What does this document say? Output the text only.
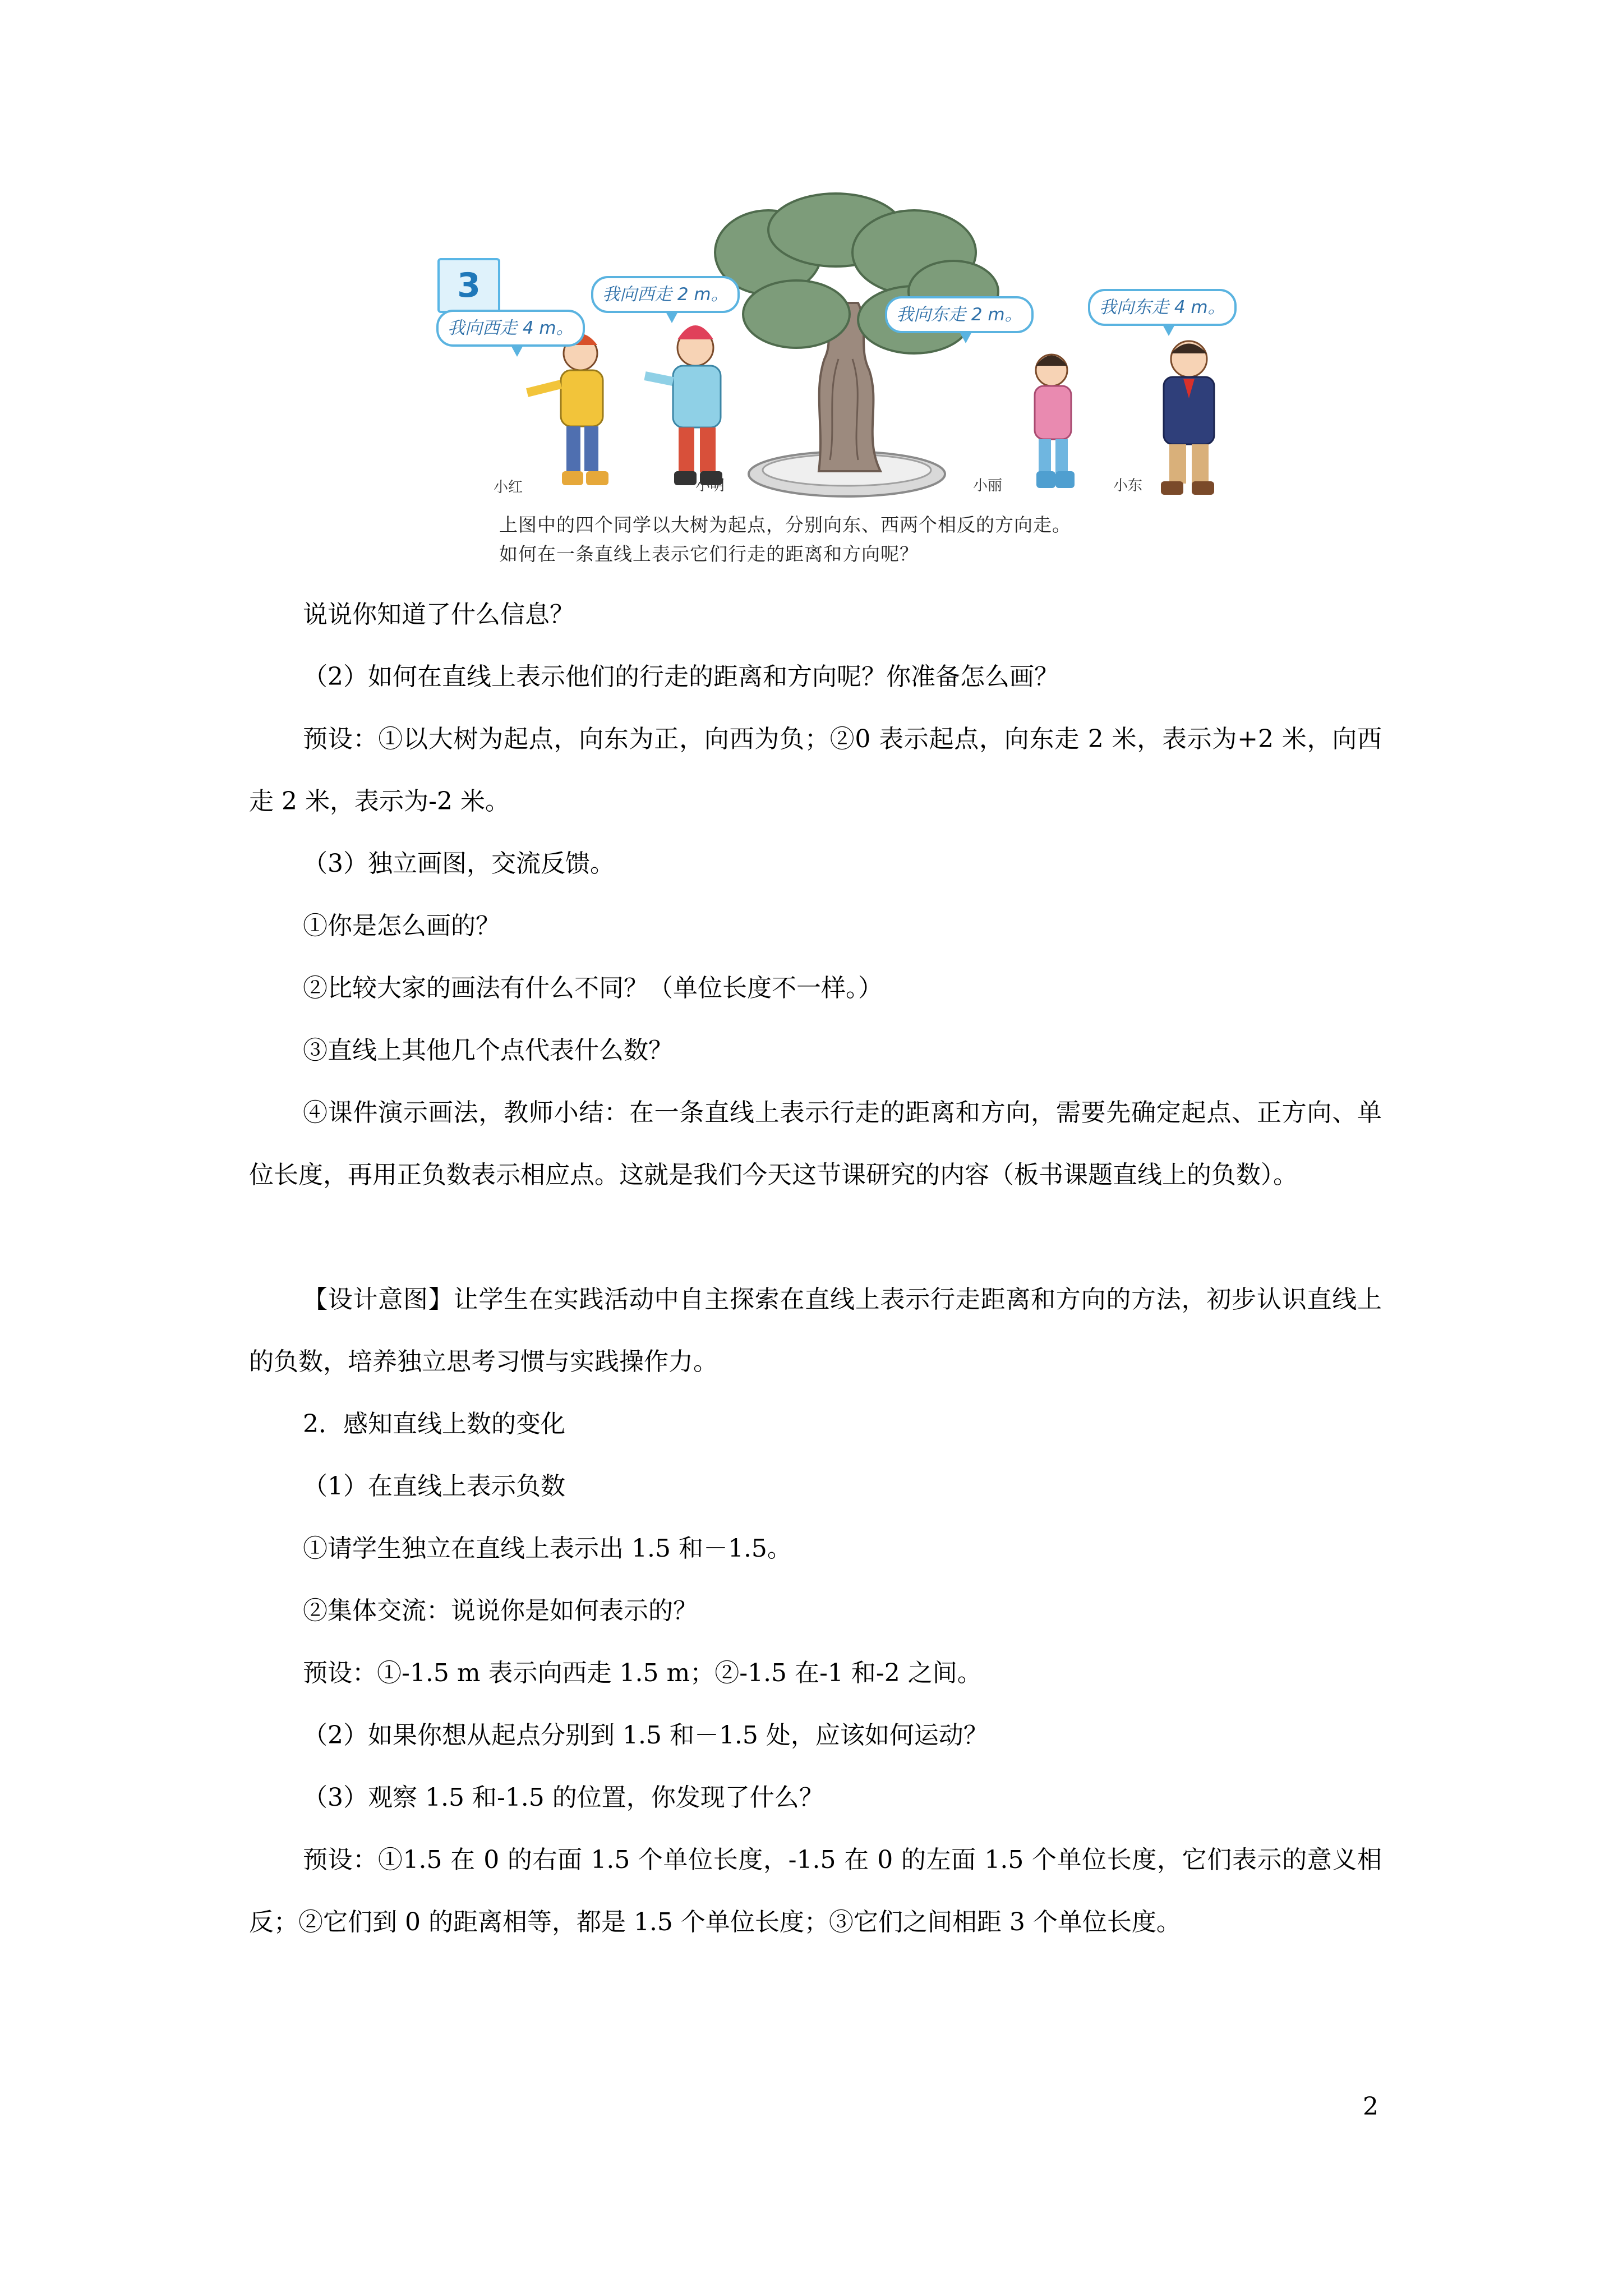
3
我向西走 4 m。
我向西走 2 m。
我向东走 2 m。	我向东走 4 m。
小红	小明	小丽	小东
上图中的四个同学以大树为起点，分别向东、西两个相反的方向走。
如何在一条直线上表示它们行走的距离和方向呢？
说说你知道了什么信息？
（2）如何在直线上表示他们的行走的距离和方向呢？你准备怎么画？
预设：①以大树为起点，向东为正，向西为负；②0 表示起点，向东走 2 米，表示为+2 米，向西走 2 米，表示为-2 米。
（3）独立画图，交流反馈。
①你是怎么画的？
②比较大家的画法有什么不同？（单位长度不一样。）
③直线上其他几个点代表什么数？
④课件演示画法，教师小结：在一条直线上表示行走的距离和方向，需要先确定起点、正方向、单位长度，再用正负数表示相应点。这就是我们今天这节课研究的内容（板书课题直线上的负数）。
【设计意图】让学生在实践活动中自主探索在直线上表示行走距离和方向的方法，初步认识直线上的负数，培养独立思考习惯与实践操作力。
2．感知直线上数的变化
（1）在直线上表示负数
①请学生独立在直线上表示出 1.5 和－1.5。
②集体交流：说说你是如何表示的？
预设：①-1.5 m 表示向西走 1.5 m；②-1.5 在-1 和-2 之间。
（2）如果你想从起点分别到 1.5 和－1.5 处，应该如何运动？
（3）观察 1.5 和-1.5 的位置，你发现了什么？
预设：①1.5 在 0 的右面 1.5 个单位长度，-1.5 在 0 的左面 1.5 个单位长度，它们表示的意义相反；②它们到 0 的距离相等，都是 1.5 个单位长度；③它们之间相距 3 个单位长度。
2
